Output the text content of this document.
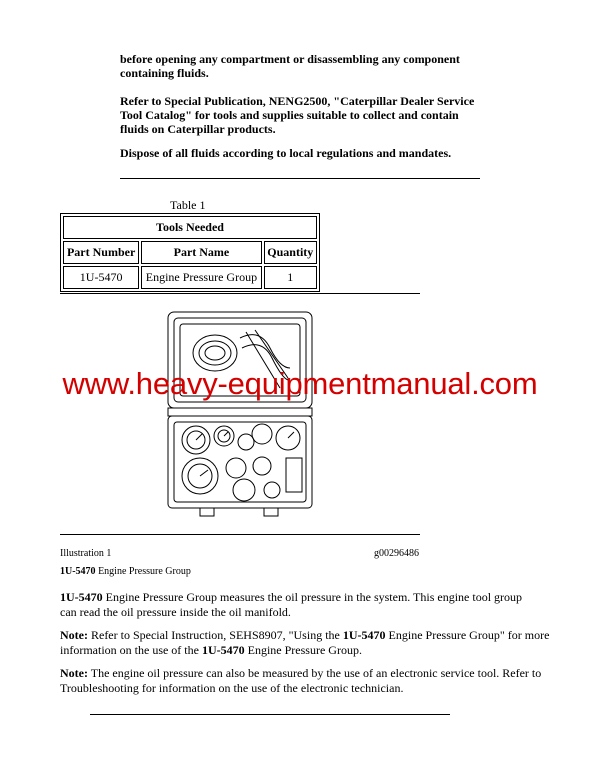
before opening any compartment or disassembling any component
containing fluids.
Refer to Special Publication, NENG2500, "Caterpillar Dealer Service
Tool Catalog" for tools and supplies suitable to collect and contain
fluids on Caterpillar products.
Dispose of all fluids according to local regulations and mandates.
Table 1
Tools Needed		
Part Number	Part Name	Quantity
1U-5470	Engine Pressure Group	1
www.heavy-equipmentmanual.com
Illustration 1	g00296486
1U-5470 Engine Pressure Group
1U-5470 Engine Pressure Group measures the oil pressure in the system. This engine tool group
can read the oil pressure inside the oil manifold.
Note: Refer to Special Instruction, SEHS8907, "Using the 1U-5470 Engine Pressure Group" for more
information on the use of the 1U-5470 Engine Pressure Group.
Note: The engine oil pressure can also be measured by the use of an electronic service tool. Refer to
Troubleshooting for information on the use of the electronic technician.
